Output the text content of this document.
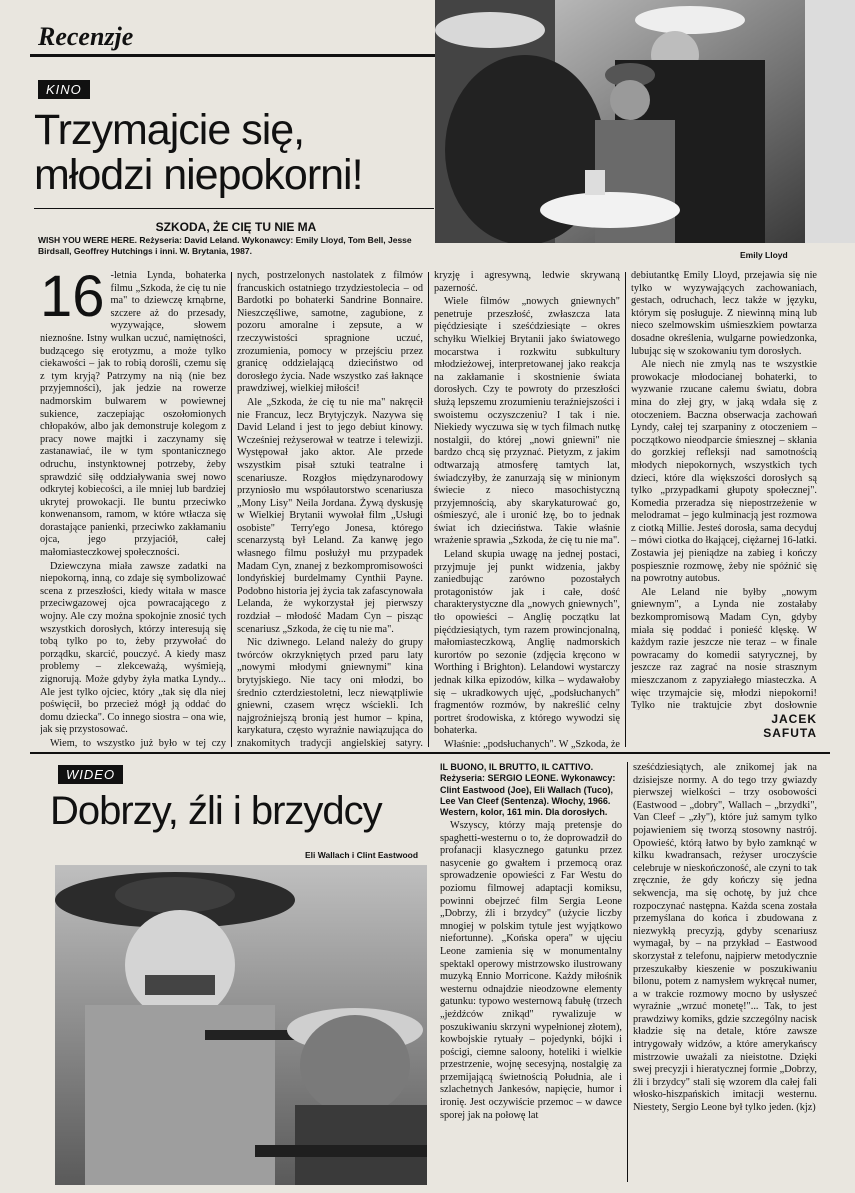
Recenzje
KINO
Trzymajcie się,
młodzi niepokorni!
SZKODA, ŻE CIĘ TU NIE MA
WISH YOU WERE HERE. Reżyseria: David Leland. Wykonawcy: Emily Lloyd, Tom Bell, Jesse Birdsall, Geoffrey Hutchings i inni. W. Brytania, 1987.	Emily Lloyd

16 -letnia Lynda, bohaterka filmu „Szkoda, że cię tu nie ma" to dziewczę krnąbrne, szczere aż do przesady, wyzywające, słowem nieznośne. Istny wulkan uczuć, namiętności, budzącego się erotyzmu, a może tylko ciekawości – jak to robią dorośli, czemu się z tym kryją? Patrzymy na nią (nie bez przyjemności), jak jedzie na rowerze nadmorskim bulwarem w powiewnej sukience, zaczepiając oszołomionych chłopaków, albo jak demonstruje kolegom z pracy nowe majtki i zaczynamy się zastanawiać, ile w tym spontanicznego odruchu, instynktownej potrzeby, żeby sprawdzić siłę oddziaływania swej nowo odkrytej kobiecości, a ile mniej lub bardziej ukrytej prowokacji. Ile buntu przeciwko konwenansom, ramom, w które wtłacza się dorastające panienki, przeciwko zakłamaniu ojca, jego przyjaciół, całej małomiasteczkowej społeczności.

Dziewczyna miała zawsze zadatki na niepokorną, inną, co zdaje się symbolizować scena z przeszłości, kiedy witała w masce przeciwgazowej ojca powracającego z wojny. Ale czy można spokojnie znosić tych wszystkich dorosłych, którzy interesują się tobą tylko po to, żeby przywołać do porządku, skarcić, pouczyć. A kiedy masz problemy – zlekceważą, wyśmieją, zignorują. Może gdyby żyła matka Lyndy... Ale jest tylko ojciec, który „tak się dla niej poświęcił, bo przecież mógł ją oddać do domu dziecka". Co innego siostra – ona wie, jak się przystosować.

Wiem, to wszystko już było w tej czy

nych, postrzelonych nastolatek z filmów francuskich ostatniego trzydziestolecia – od Bardotki po bohaterki Sandrine Bonnaire. Nieszczęśliwe, samotne, zagubione, z pozoru amoralne i zepsute, a w rzeczywistości spragnione uczuć, zrozumienia, pomocy w przejściu przez granicę oddzielającą dzieciństwo od dorosłego życia. Nade wszystko zaś łaknące prawdziwej, wielkiej miłości!

Ale „Szkoda, że cię tu nie ma" nakręcił nie Francuz, lecz Brytyjczyk. Nazywa się David Leland i jest to jego debiut kinowy. Wcześniej reżyserował w teatrze i telewizji. Występował jako aktor. Ale przede wszystkim pisał sztuki teatralne i scenariusze. Rozgłos międzynarodowy przyniosło mu współautorstwo scenariusza „Mony Lisy" Neila Jordana. Żywą dyskusję w Wielkiej Brytanii wywołał film „Usługi osobiste" Terry'ego Jonesa, którego scenarzystą był Leland. Za kanwę jego własnego filmu posłużył mu przypadek Madam Cyn, znanej z bezkompromisowości londyńskiej burdelmamy Cynthii Payne. Podobno historia jej życia tak zafascynowała Lelanda, że wykorzystał jej pierwszy rozdział – młodość Madam Cyn – pisząc scenariusz „Szkoda, że cię tu nie ma".

Nic dziwnego. Leland należy do grupy twórców okrzykniętych przed paru laty „nowymi młodymi gniewnymi" kina brytyjskiego. Nie tacy oni młodzi, bo średnio czterdziestoletni, lecz niewątpliwie gniewni, czasem wręcz wściekli. Ich najgroźniejszą bronią jest humor – kpina, karykatura, często wyraźnie nawiązująca do znakomitych tradycji angielskiej satyry.

kryzję i agresywną, ledwie skrywaną pazerność.

Wiele filmów „nowych gniewnych" penetruje przeszłość, zwłaszcza lata pięćdziesiąte i sześćdziesiąte – okres schyłku Wielkiej Brytanii jako światowego mocarstwa i rozkwitu subkultury młodzieżowej, interpretowanej jako reakcja na zakłamanie i skostnienie świata dorosłych. Czy te powroty do przeszłości służą lepszemu zrozumieniu teraźniejszości i swoistemu oczyszczeniu? I tak i nie. Niekiedy wyczuwa się w tych filmach nutkę nostalgii, do której „nowi gniewni" nie bardzo chcą się przyznać. Pietyzm, z jakim odtwarzają atmosferę tamtych lat, świadczyłby, że zanurzają się w minionym świecie z nieco masochistyczną przyjemnością, aby skarykaturować go, ośmieszyć, ale i uronić łzę, bo to jednak świat ich dzieciństwa. Takie właśnie wrażenie sprawia „Szkoda, że cię tu nie ma".

Leland skupia uwagę na jednej postaci, przyjmuje jej punkt widzenia, jakby zaniedbując zarówno pozostałych protagonistów jak i całe, dość charakterystyczne dla „nowych gniewnych", tło opowieści – Anglię początku lat pięćdziesiątych, tym razem prowincjonalną, małomiasteczkową, Anglię nadmorskich kurortów po sezonie (zdjęcia kręcono w Worthing i Brighton). Lelandowi wystarczy jednak kilka epizodów, kilka – wydawałoby się – ukradkowych ujęć, „podsłuchanych" fragmentów rozmów, by nakreślić celny portret środowiska, z którego wywodzi się bohaterka.

Właśnie: „podsłuchanych". W „Szkoda, że

debiutantkę Emily Lloyd, przejawia się nie tylko w wyzywających zachowaniach, gestach, odruchach, lecz także w języku, którym się posługuje. Z niewinną miną lub nieco szelmowskim uśmieszkiem powtarza dosadne określenia, wulgarne powiedzonka, lubując się w szokowaniu tym dorosłych.

Ale niech nie zmylą nas te wszystkie prowokacje młodocianej bohaterki, to wyzwanie rzucane całemu światu, dobra mina do złej gry, w jaką wdała się z otoczeniem. Baczna obserwacja zachowań Lyndy, całej tej szarpaniny z otoczeniem – początkowo nieodparcie śmiesznej – skłania do gorzkiej refleksji nad samotnością młodych niepokornych, wszystkich tych dzieci, które dla większości dorosłych są tylko „przypadkami głupoty społecznej". Komedia przeradza się niepostrzeżenie w melodramat – jego kulminacją jest rozmowa z ciotką Millie. Jesteś dorosła, sama decyduj – mówi ciotka do łkającej, ciężarnej 16-latki. Zostawia jej pieniądze na zabieg i kończy pospiesznie rozmowę, żeby nie spóźnić się na powrotny autobus.

Ale Leland nie byłby „nowym gniewnym", a Lynda nie zostałaby bezkompromisową Madam Cyn, gdyby miała się poddać i ponieść klęskę. W każdym razie jeszcze nie teraz – w finale powracamy do komedii satyrycznej, by jeszcze raz zagrać na nosie strasznym mieszczanom z zapyziałego miasteczka. A więc trzymajcie się, młodzi niepokorni! Tylko nie traktujcie zbyt dosłownie

JACEK
SAFUTA
WIDEO
Dobrzy, źli i brzydcy
Eli Wallach i Clint Eastwood
IL BUONO, IL BRUTTO, IL CATTIVO. Reżyseria: SERGIO LEONE. Wykonawcy: Clint Eastwood (Joe), Eli Wallach (Tuco), Lee Van Cleef (Sentenza). Włochy, 1966. Western, kolor, 161 min. Dla dorosłych.

Wszyscy, którzy mają pretensje do spaghetti-westernu o to, że doprowadził do profanacji klasycznego gatunku przez nasycenie go gwałtem i przemocą oraz sprowadzenie opowieści z Far Westu do poziomu filmowej adaptacji komiksu, powinni obejrzeć film Sergia Leone „Dobrzy, źli i brzydcy" (użycie liczby mnogiej w polskim tytule jest wyjątkowo niefortunne). „Końska opera" w ujęciu Leone zamienia się w monumentalny spektakl operowy mistrzowsko ilustrowany muzyką Ennio Morricone. Każdy miłośnik westernu odnajdzie nieodzowne elementy gatunku: typowo westernową fabułę (trzech „jeźdźców znikąd" rywalizuje w poszukiwaniu skrzyni wypełnionej złotem), kowbojskie rytuały – pojedynki, bójki i pościgi, ciemne saloony, hoteliki i wielkie przestrzenie, wojnę secesyjną, nostalgię za przemijającą świetnością Południa, ale i szlachetnych Jankesów, napięcie, humor i ironię. Jest oczywiście przemoc – w dawce sporej jak na połowę lat

sześćdziesiątych, ale znikomej jak na dzisiejsze normy. A do tego trzy gwiazdy pierwszej wielkości – trzy osobowości (Eastwood – „dobry", Wallach – „brzydki", Van Cleef – „zły"), które już samym tylko pojawieniem się tworzą stosowny nastrój. Opowieść, którą łatwo by było zamknąć w kilku kwadransach, reżyser uroczyście celebruje w nieskończoność, ale czyni to tak zręcznie, że gdy kończy się jedna sekwencja, ma się ochotę, by już chce rozpoczynać następna. Każda scena została przemyślana do końca i zbudowana z niezwykłą precyzją, gdyby scenariusz wymagał, by – na przykład – Eastwood skorzystał z telefonu, najpierw metodycznie przeszukałby kieszenie w poszukiwaniu bilonu, potem z namysłem wykręcał numer, a w trakcie rozmowy mocno by usłyszeć wyraźnie „wrzuć monetę!"... Tak, to jest prawdziwy komiks, gdzie szczególny nacisk kładzie się na detale, które zawsze intrygowały widzów, a które amerykańscy mistrzowie uważali za nieistotne. Dzięki swej precyzji i hieratycznej formie „Dobrzy, źli i brzydcy" stali się wzorem dla całej fali włosko-hiszpańskich imitacji westernu. Niestety, Sergio Leone był tylko jeden. (kjz)
